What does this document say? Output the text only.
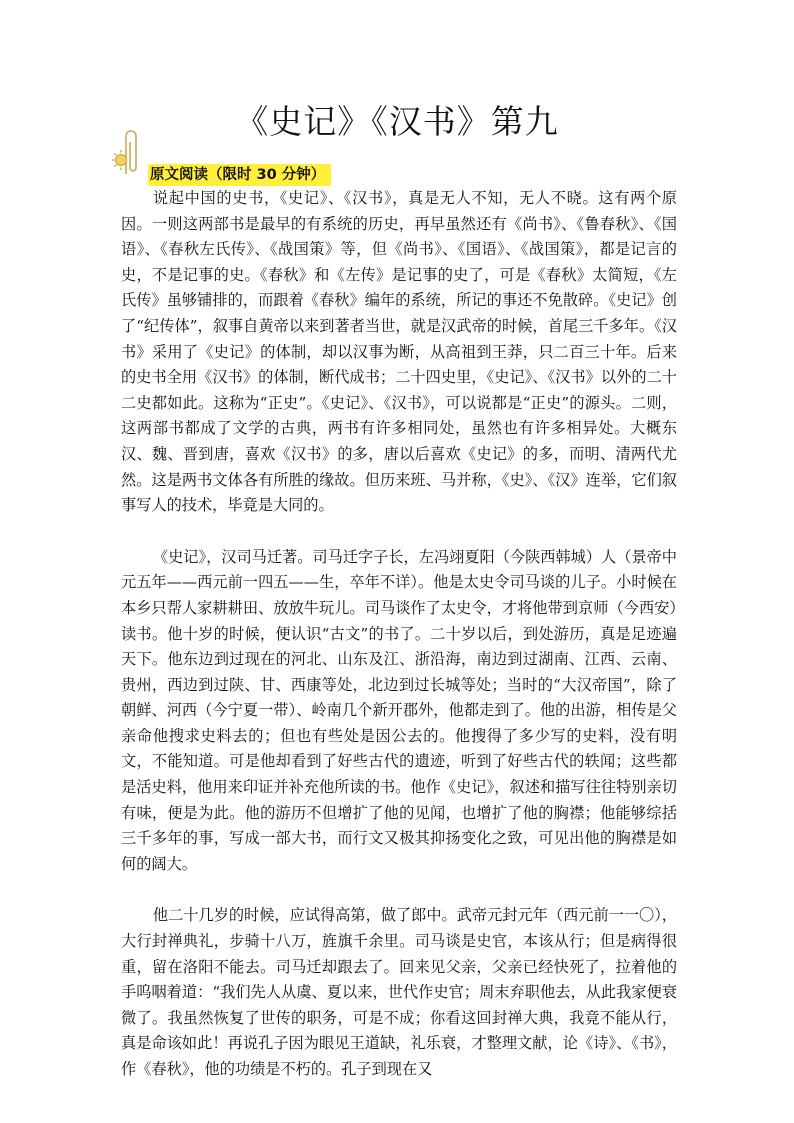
《史记》《汉书》第九
原文阅读（限时 30 分钟）

说起中国的史书，《史记》、《汉书》，真是无人不知，无人不晓。这有两个原因。一则这两部书是最早的有系统的历史，再早虽然还有《尚书》、《鲁春秋》、《国语》、《春秋左氏传》、《战国策》等，但《尚书》、《国语》、《战国策》，都是记言的史，不是记事的史。《春秋》和《左传》是记事的史了，可是《春秋》太简短，《左氏传》虽够铺排的，而跟着《春秋》编年的系统，所记的事还不免散碎。《史记》创了“纪传体”，叙事自黄帝以来到著者当世，就是汉武帝的时候，首尾三千多年。《汉书》采用了《史记》的体制，却以汉事为断，从高祖到王莽，只二百三十年。后来的史书全用《汉书》的体制，断代成书；二十四史里，《史记》、《汉书》以外的二十二史都如此。这称为“正史”。《史记》、《汉书》，可以说都是“正史”的源头。二则，这两部书都成了文学的古典，两书有许多相同处，虽然也有许多相异处。大概东汉、魏、晋到唐，喜欢《汉书》的多，唐以后喜欢《史记》的多，而明、清两代尤然。这是两书文体各有所胜的缘故。但历来班、马并称，《史》、《汉》连举，它们叙事写人的技术，毕竟是大同的。

《史记》，汉司马迁著。司马迁字子长，左冯翊夏阳（今陕西韩城）人（景帝中元五年——西元前一四五——生，卒年不详）。他是太史令司马谈的儿子。小时候在本乡只帮人家耕耕田、放放牛玩儿。司马谈作了太史令，才将他带到京师（今西安）读书。他十岁的时候，便认识“古文”的书了。二十岁以后，到处游历，真是足迹遍天下。他东边到过现在的河北、山东及江、浙沿海，南边到过湖南、江西、云南、贵州，西边到过陕、甘、西康等处，北边到过长城等处；当时的“大汉帝国”，除了朝鲜、河西（今宁夏一带）、岭南几个新开郡外，他都走到了。他的出游，相传是父亲命他搜求史料去的；但也有些处是因公去的。他搜得了多少写的史料，没有明文，不能知道。可是他却看到了好些古代的遗迹，听到了好些古代的轶闻；这些都是活史料，他用来印证并补充他所读的书。他作《史记》，叙述和描写往往特别亲切有味，便是为此。他的游历不但增扩了他的见闻，也增扩了他的胸襟；他能够综括三千多年的事，写成一部大书，而行文又极其抑扬变化之致，可见出他的胸襟是如何的阔大。

他二十几岁的时候，应试得高第，做了郎中。武帝元封元年（西元前一一〇），大行封禅典礼，步骑十八万，旌旗千余里。司马谈是史官，本该从行；但是病得很重，留在洛阳不能去。司马迁却跟去了。回来见父亲，父亲已经快死了，拉着他的手呜咽着道：“我们先人从虞、夏以来，世代作史官；周末弃职他去，从此我家便衰微了。我虽然恢复了世传的职务，可是不成；你看这回封禅大典，我竟不能从行，真是命该如此！再说孔子因为眼见王道缺，礼乐衰，才整理文献，论《诗》、《书》，作《春秋》，他的功绩是不朽的。孔子到现在又
